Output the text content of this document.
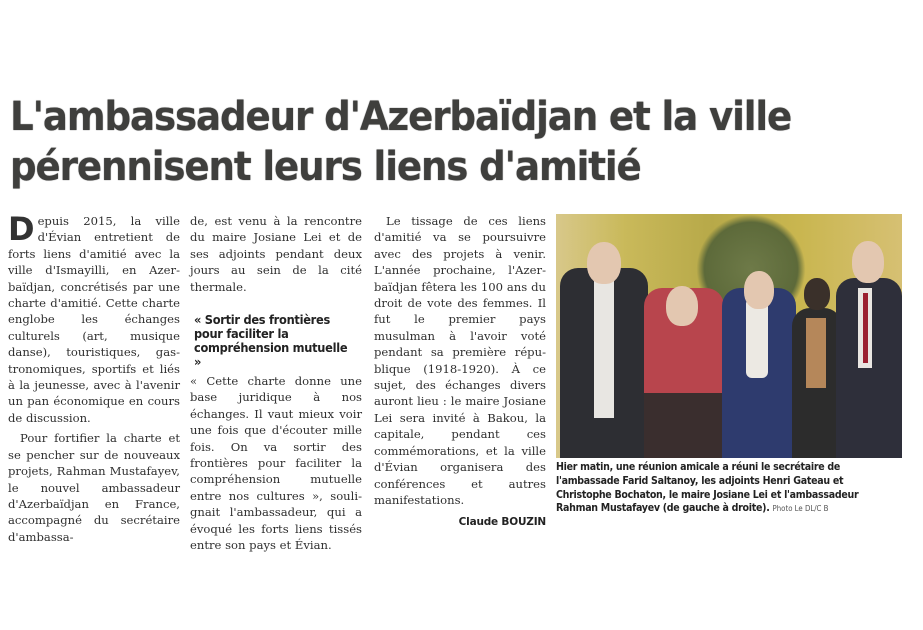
L'ambassadeur d'Azerbaïdjan et la ville
pérennisent leurs liens d'amitié

Depuis 2015, la ville d'Évian entretient de forts liens d'amitié avec la ville d'Ismayilli, en Azerbaïdjan, concrétisés par une charte d'amitié. Cette charte englobe les échanges culturels (art, musique danse), touristiques, gastronomiques, sportifs et liés à la jeunesse, avec à l'avenir un pan économique en cours de discussion.

Pour fortifier la charte et se pencher sur de nouveaux projets, Rahman Mustafayev, le nouvel ambassadeur d'Azerbaïdjan en France, accompagné du secrétaire d'ambassa-

de, est venu à la rencontre du maire Josiane Lei et de ses adjoints pendant deux jours au sein de la cité thermale.

« Sortir des frontières pour faciliter la compréhension mutuelle »

« Cette charte donne une base juridique à nos échanges. Il vaut mieux voir une fois que d'écouter mille fois. On va sortir des frontières pour faciliter la compréhension mutuelle entre nos cultures », soulignait l'ambassadeur, qui a évoqué les forts liens tissés entre son pays et Évian.

Le tissage de ces liens d'amitié va se poursuivre avec des projets à venir. L'année prochaine, l'Azerbaïdjan fêtera les 100 ans du droit de vote des femmes. Il fut le premier pays musulman à l'avoir voté pendant sa première république (1918-1920). À ce sujet, des échanges divers auront lieu : le maire Josiane Lei sera invité à Bakou, la capitale, pendant ces commémorations, et la ville d'Évian organisera des conférences et autres manifestations.

Claude BOUZIN
Hier matin, une réunion amicale a réuni le secrétaire de l'ambassade Farid Saltanoy, les adjoints Henri Gateau et Christophe Bochaton, le maire Josiane Lei et l'ambassadeur Rahman Mustafayev (de gauche à droite). Photo Le DL/C B
